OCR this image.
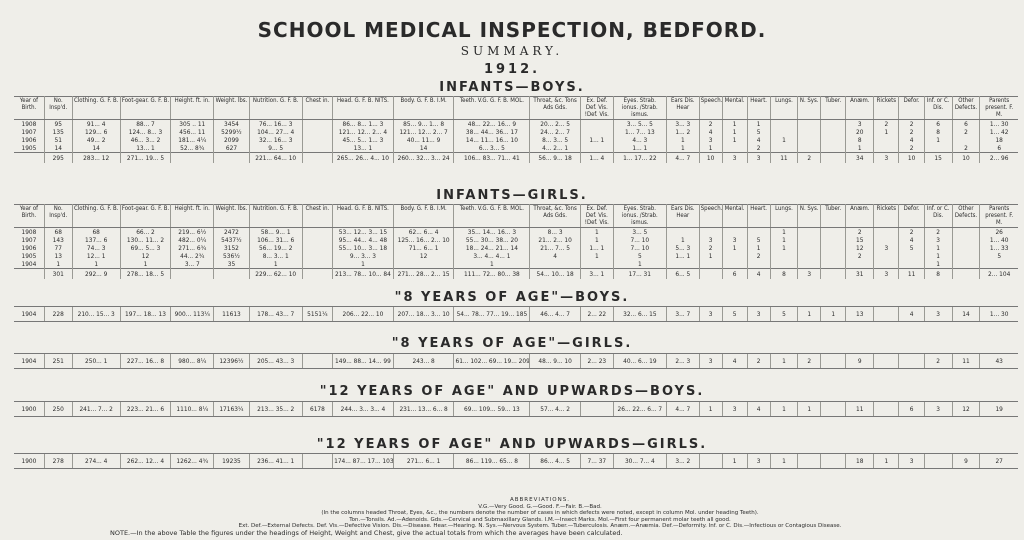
SCHOOL MEDICAL INSPECTION, BEDFORD.
SUMMARY.
1912.
INFANTS—BOYS.
Year of Birth.	No. Insp'd.	Clothing. G. F. B.	Foot-gear. G. F. B.	Height. ft. in.	Weight. lbs.	Nutrition. G. F. B.	Chest in.	Head. G. F. B. NITS.	Body. G. F. B. I.M.	Teeth. V.G. G. F. B. MOL.	Throat, &c. Tons Ads Gds.	Ex. Def. Def. Vis. !Def. Vis.	Eyes. Strab. ionus. /Strab. ismus.	Ears Dis. Hear	Speech.	Mental.	Heart.	Lungs.	N. Sys.	Tuber.	Anæm.	Rickets	Defor.	Inf. or C. Dis.	Other Defects.	Parents present. F. M.
1908	95	91... 4	88... 7	305 .. 11	3454	76... 16... 3		86... 8... 1... 3	85... 9... 1... 8	48... 22... 16... 9	20... 2... 5		3... 5... 5	3... 3	2	1	1				3	2	2	6	6	1... 30
1907	135	129... 6	124... 8... 3	456... 11	5299½	104... 27... 4		121... 12... 2... 4	121... 12... 2... 7	38... 44... 36... 17	24... 2... 7		1... 7... 13	1... 2	4	1	5				20	1	2	8	2	1... 42
1906	51	49... 2	46... 3... 2	181... 4¼	2099	32... 16... 3		45... 5... 1... 3	40... 11... 9	14... 11... 16... 10	8... 3... 5	1... 1	4... 3	1	3	1	4	1			8		4	1		18
1905	14	14	13... 1	52... 8¾	627	9... 5		13... 1	14	6... 3... 5	4... 2... 1		1... 1	1	1		2				1		2		2	6
	295	283... 12	271... 19... 5			221... 64... 10		265... 26... 4... 10	260... 32... 3... 24	106... 83... 71... 41	56... 9... 18	1... 4	1... 17... 22	4... 7	10	3	3	11	2		34	3	10	15	10	2... 96
INFANTS—GIRLS.
Year of Birth.	No. Insp'd.	Clothing. G. F. B.	Foot-gear. G. F. B.	Height. ft. in.	Weight. lbs.	Nutrition. G. F. B.	Chest in.	Head. G. F. B. NITS.	Body. G. F. B. I.M.	Teeth. V.G. G. F. B. MOL.	Throat, &c. Tons Ads Gds.	Ex. Def. Def. Vis. !Def. Vis.	Eyes. Strab. ionus. /Strab. ismus.	Ears Dis. Hear	Speech.	Mental.	Heart.	Lungs.	N. Sys.	Tuber.	Anæm.	Rickets	Defor.	Inf. or C. Dis.	Other Defects.	Parents present. F. M.
1908	68	68	66... 2	219... 6½	2472	58... 9... 1		53... 12... 3... 15	62... 6... 4	35... 14... 16... 3	8... 3	1	3... 5					1			2		2	2		26
1907	143	137... 6	130... 11... 2	482... 0¼	5437½	106... 31... 6		95... 44... 4... 48	125... 16... 2... 10	55... 30... 38... 20	21... 2... 10	1	7... 10	1	3	3	5	1			15		4	3		1... 40
1906	77	74... 3	69... 5... 3	271... 6¾	3152	56... 19... 2		55... 10... 3... 18	71... 6... 1	18... 24... 21... 14	21... 7... 5	1... 1	7... 10	5... 3	2	1	1	1			12	3	5	1		1... 33
1905	13	12... 1	12	44... 2¾	536½	8... 3... 1		9... 3... 3	12	3... 4... 4... 1	4	1	5	1... 1	1		2				2			1		5
1904	1	1	1	3... 7	35	1		1		1			1											1		
	301	292... 9	278... 18... 5			229... 62... 10		213... 78... 10... 84	271... 28... 2... 15	111... 72... 80... 38	54... 10... 18	3... 1	17... 31	6... 5		6	4	8	3		31	3	11	8		2... 104
"8 YEARS OF AGE"—BOYS.
1904	228	210... 15... 3	197... 18... 13	900... 113¼	11613	178... 43... 7	5151¼	206... 22... 10	207... 18... 3... 10	54... 78... 77... 19... 185	46... 4... 7	2... 22	32... 6... 15	3... 7	3	5	3	5	1	1	13		4	3	14	1... 30
"8 YEARS OF AGE"—GIRLS.
1904	251	250... 1	227... 16... 8	980... 8¼	12396½	205... 43... 3		149... 88... 14... 99	243... 8	61... 102... 69... 19... 209	48... 9... 10	2... 23	40... 6... 19	2... 3	3	4	2	1	2		9			2	11	43
"12 YEARS OF AGE" AND UPWARDS—BOYS.
1900	250	241... 7... 2	223... 21... 6	1110... 8¼	17163¼	213... 35... 2	6178	244... 3... 3... 4	231... 13... 6... 8	69... 109... 59... 13	57... 4... 2		26... 22... 6... 7	4... 7	1	3	4	1	1		11		6	3	12	19
"12 YEARS OF AGE" AND UPWARDS—GIRLS.
1900	278	274... 4	262... 12... 4	1262... 4¾	19235	236... 41... 1		174... 87... 17... 103	271... 6... 1	86... 119... 65... 8	86... 4... 5	7... 37	30... 7... 4	3... 2		1	3	1			18	1	3		9	27
ABBREVIATIONS.
V.G.—Very Good. G.—Good. F.—Fair. B.—Bad.
(In the columns headed Throat, Eyes, &c., the numbers denote the number of cases in which defects were noted, except in column Mol. under heading Teeth).
Ton.—Tonsils. Ad.—Adenoids. Gds.—Cervical and Submaxillary Glands. I.M.—Insect Marks. Mol.—First four permanent molar teeth all good.
Ext. Def.—External Defects. Def. Vis.—Defective Vision. Dis.—Disease. Hear.—Hearing. N. Sys.—Nervous System. Tuber.—Tuberculosis. Anæm.—Anæmia. Def.—Deformity. Inf. or C. Dis.—Infectious or Contagious Disease.
NOTE.—In the above Table the figures under the headings of Height, Weight and Chest, give the actual totals from which the averages have been calculated.
